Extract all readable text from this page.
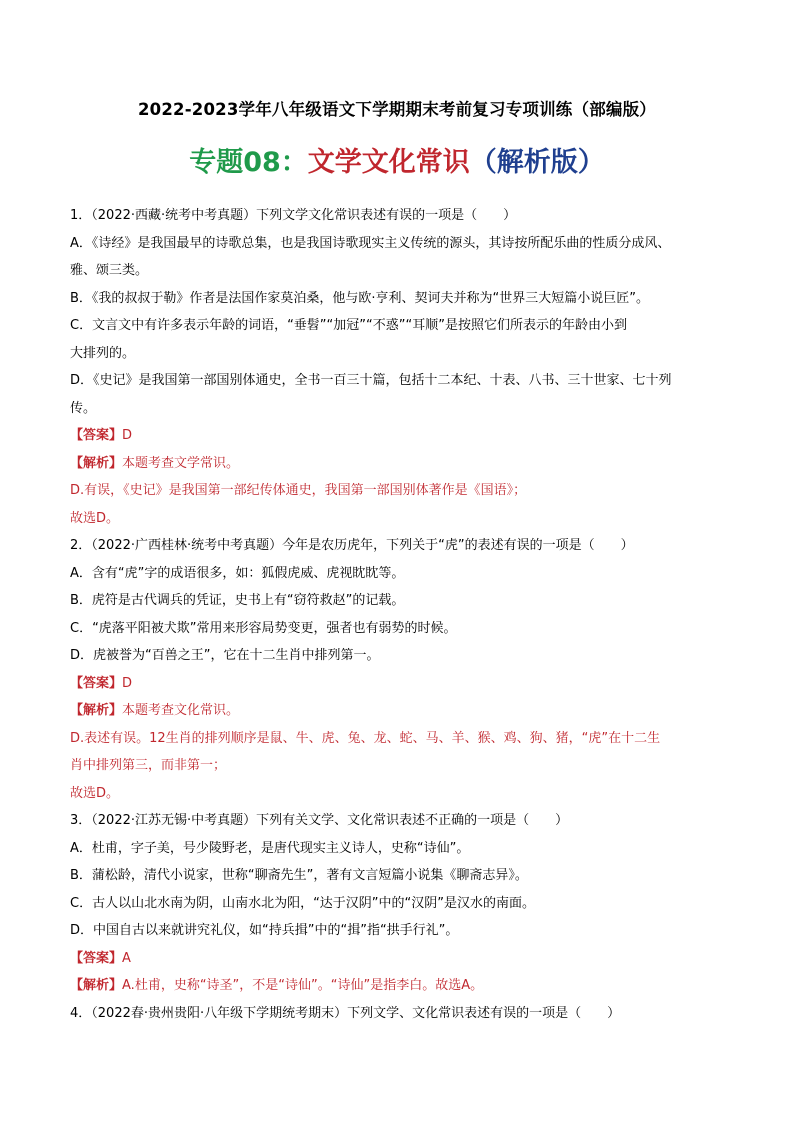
2022-2023学年八年级语文下学期期末考前复习专项训练（部编版）
专题08：文学文化常识（解析版）
1．（2022·西藏·统考中考真题）下列文学文化常识表述有误的一项是（　　）
A．《诗经》是我国最早的诗歌总集，也是我国诗歌现实主义传统的源头，其诗按所配乐曲的性质分成风、
雅、颂三类。
B．《我的叔叔于勒》作者是法国作家莫泊桑，他与欧·亨利、契诃夫并称为“世界三大短篇小说巨匠”。
C．文言文中有许多表示年龄的词语，“垂髫”“加冠”“不惑”“耳顺”是按照它们所表示的年龄由小到
大排列的。
D．《史记》是我国第一部国别体通史，全书一百三十篇，包括十二本纪、十表、八书、三十世家、七十列
传。
【答案】D
【解析】本题考查文学常识。
D.有误，《史记》是我国第一部纪传体通史，我国第一部国别体著作是《国语》；
故选D。
2．（2022·广西桂林·统考中考真题）今年是农历虎年，下列关于“虎”的表述有误的一项是（　　）
A．含有“虎”字的成语很多，如：狐假虎威、虎视眈眈等。
B．虎符是古代调兵的凭证，史书上有“窃符救赵”的记载。
C．“虎落平阳被犬欺”常用来形容局势变更，强者也有弱势的时候。
D．虎被誉为“百兽之王”，它在十二生肖中排列第一。
【答案】D
【解析】本题考查文化常识。
D.表述有误。12生肖的排列顺序是鼠、牛、虎、兔、龙、蛇、马、羊、猴、鸡、狗、猪，“虎”在十二生
肖中排列第三，而非第一；
故选D。
3．（2022·江苏无锡·中考真题）下列有关文学、文化常识表述不正确的一项是（　　）
A．杜甫，字子美，号少陵野老，是唐代现实主义诗人，史称“诗仙”。
B．蒲松龄，清代小说家，世称“聊斋先生”，著有文言短篇小说集《聊斋志异》。
C．古人以山北水南为阴，山南水北为阳，“达于汉阴”中的“汉阴”是汉水的南面。
D．中国自古以来就讲究礼仪，如“持兵揖”中的“揖”指“拱手行礼”。
【答案】A
【解析】A.杜甫，史称“诗圣”，不是“诗仙”。“诗仙”是指李白。故选A。
4．（2022春·贵州贵阳·八年级下学期统考期末）下列文学、文化常识表述有误的一项是（　　）
